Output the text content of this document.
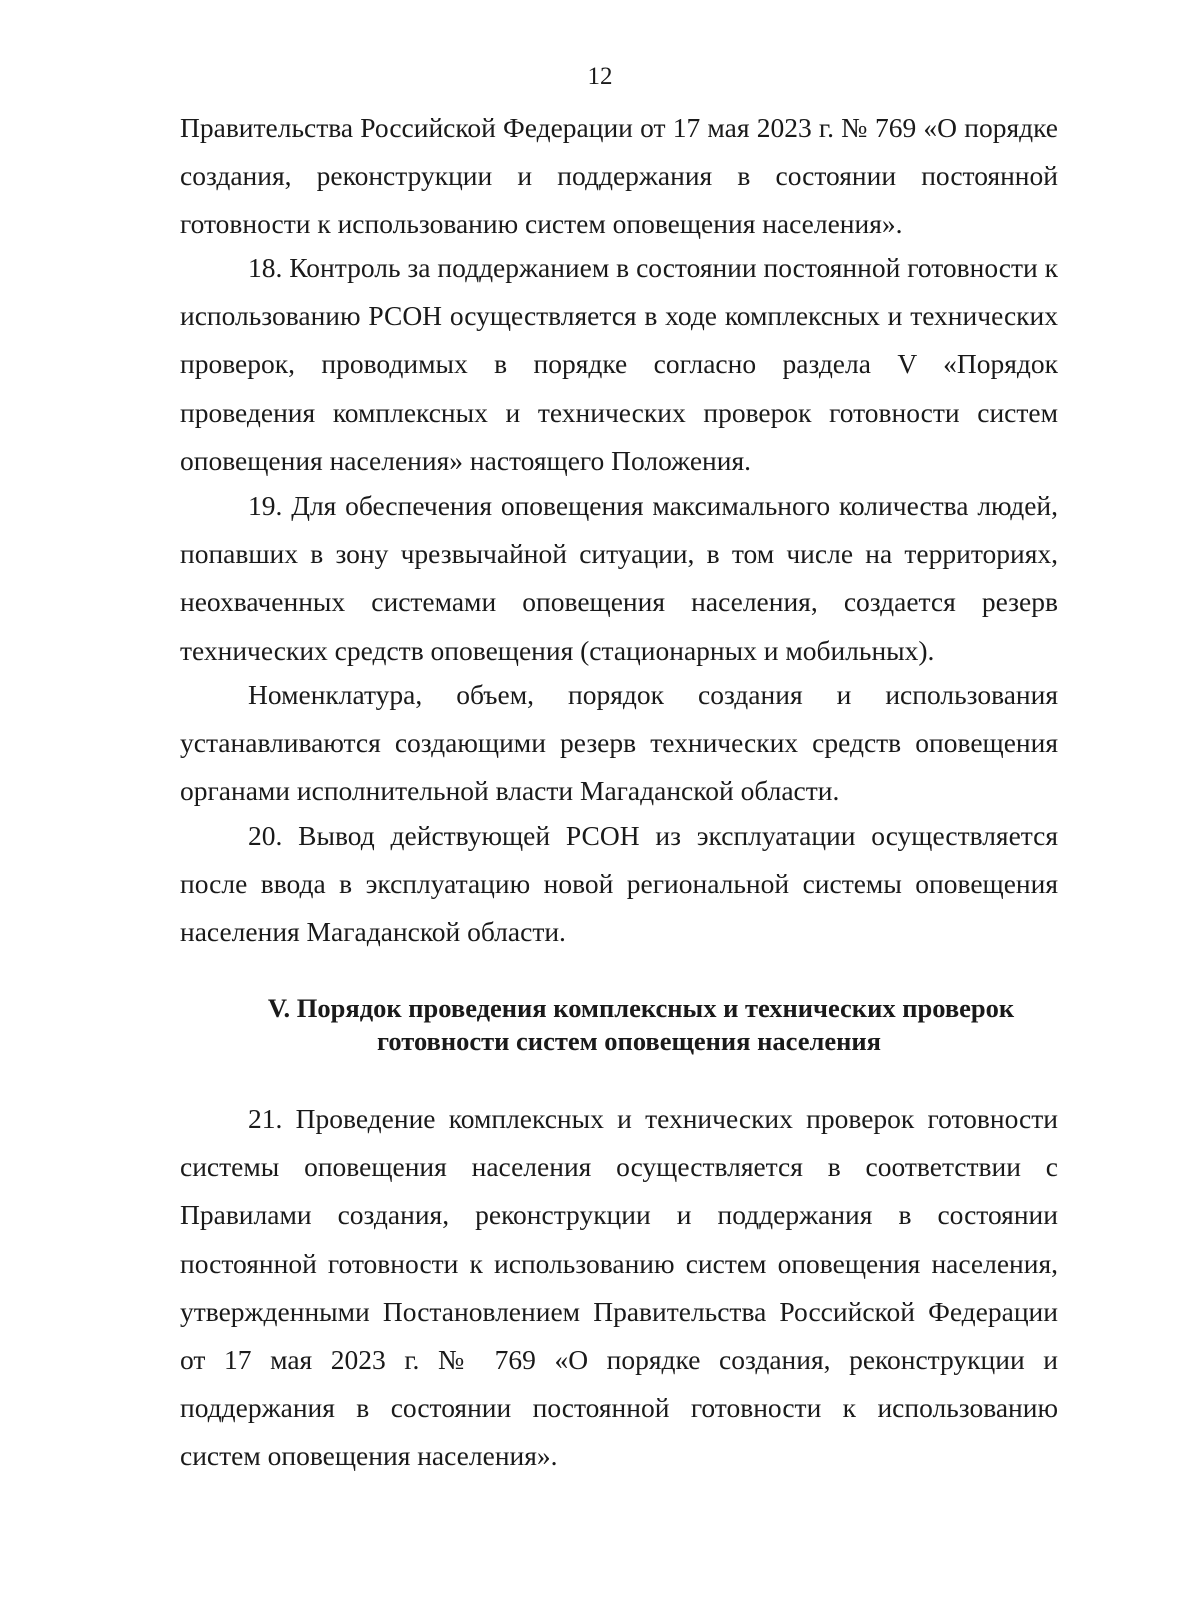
12

Правительства Российской Федерации от 17 мая 2023 г. № 769 «О порядке создания, реконструкции и поддержания в состоянии постоянной готовности к использованию систем оповещения населения».

18. Контроль за поддержанием в состоянии постоянной готовности к использованию РСОН осуществляется в ходе комплексных и технических проверок, проводимых в порядке согласно раздела V «Порядок проведения комплексных и технических проверок готовности систем оповещения населения» настоящего Положения.

19. Для обеспечения оповещения максимального количества людей, попавших в зону чрезвычайной ситуации, в том числе на территориях, неохваченных системами оповещения населения, создается резерв технических средств оповещения (стационарных и мобильных).

Номенклатура, объем, порядок создания и использования устанавливаются создающими резерв технических средств оповещения органами исполнительной власти Магаданской области.

20. Вывод действующей РСОН из эксплуатации осуществляется после ввода в эксплуатацию новой региональной системы оповещения населения Магаданской области.

V. Порядок проведения комплексных и технических проверок
готовности систем оповещения населения

21. Проведение комплексных и технических проверок готовности системы оповещения населения осуществляется в соответствии с Правилами создания, реконструкции и поддержания в состоянии постоянной готовности к использованию систем оповещения населения, утвержденными Постановлением Правительства Российской Федерации от 17 мая 2023 г. № 769 «О порядке создания, реконструкции и поддержания в состоянии постоянной готовности к использованию систем оповещения населения».
